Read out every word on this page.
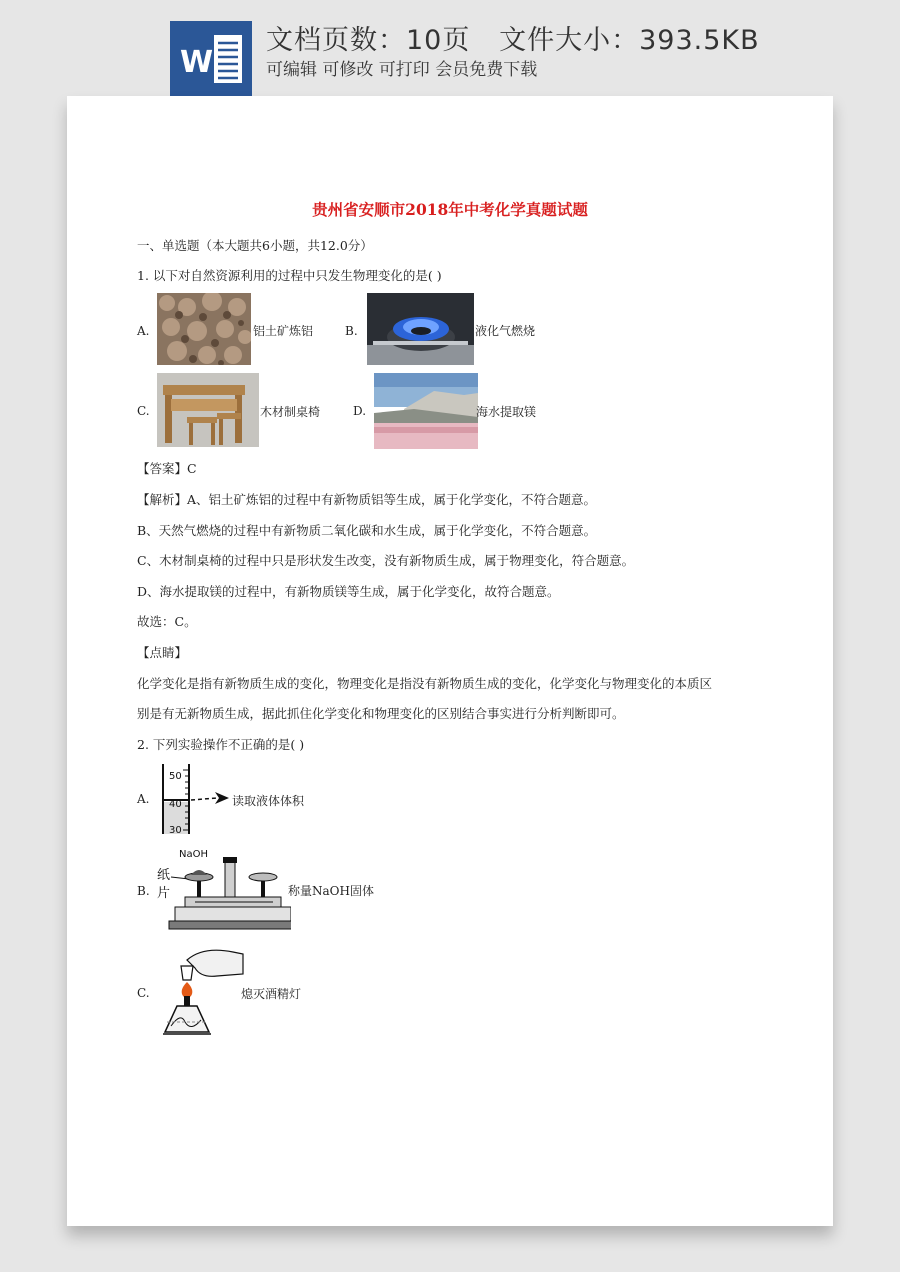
W
文档页数：10页   文件大小：393.5KB
可编辑 可修改 可打印 会员免费下载
贵州省安顺市2018年中考化学真题试题
一、单选题（本大题共6小题，共12.0分）
1. 以下对自然资源利用的过程中只发生物理变化的是( )
A.	铝土矿炼铝	B.	液化气燃烧
C.	木材制桌椅	D.	海水提取镁
【答案】C
【解析】A、铝土矿炼铝的过程中有新物质铝等生成，属于化学变化，不符合题意。
B、天然气燃烧的过程中有新物质二氧化碳和水生成，属于化学变化，不符合题意。
C、木材制桌椅的过程中只是形状发生改变，没有新物质生成，属于物理变化，符合题意。
D、海水提取镁的过程中，有新物质镁等生成，属于化学变化，故符合题意。
故选：C。
【点睛】
化学变化是指有新物质生成的变化，物理变化是指没有新物质生成的变化，化学变化与物理变化的本质区
别是有无新物质生成，据此抓住化学变化和物理变化的区别结合事实进行分析判断即可。
2. 下列实验操作不正确的是( )
A.
50
40
30
读取液体体积
B.
NaOH
纸
片	称量NaOH固体
C.	熄灭酒精灯
